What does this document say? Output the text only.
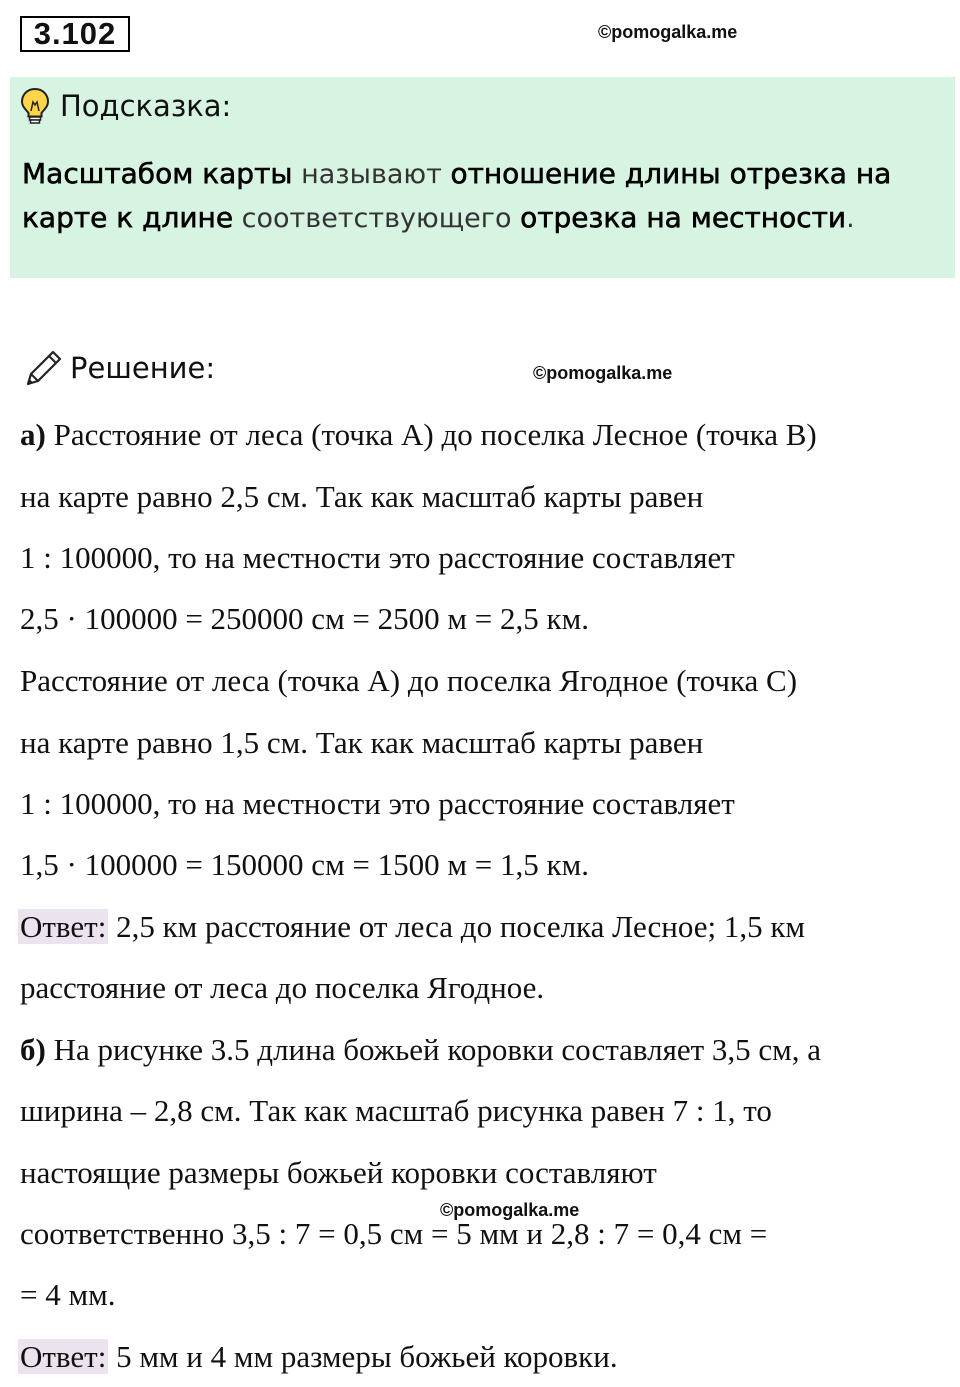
3.102	©pomogalka.me
Подсказка:
Масштабом карты называют отношение длины отрезка на
карте к длине соответствующего отрезка на местности.
Решение:	©pomogalka.me
а) Расстояние от леса (точка A) до поселка Лесное (точка B)
на карте равно 2,5 см. Так как масштаб карты равен
1 : 100000, то на местности это расстояние составляет
2,5 · 100000 = 250000 см = 2500 м = 2,5 км.
Расстояние от леса (точка A) до поселка Ягодное (точка C)
на карте равно 1,5 см. Так как масштаб карты равен
1 : 100000, то на местности это расстояние составляет
1,5 · 100000 = 150000 см = 1500 м = 1,5 км.
Ответ: 2,5 км расстояние от леса до поселка Лесное; 1,5 км
расстояние от леса до поселка Ягодное.
б) На рисунке 3.5 длина божьей коровки составляет 3,5 см, а
ширина – 2,8 см. Так как масштаб рисунка равен 7 : 1, то
настоящие размеры божьей коровки составляют
соответственно 3,5 : 7 = 0,5 см = 5 мм и 2,8 : 7 = 0,4 см =
©pomogalka.me
= 4 мм.
Ответ: 5 мм и 4 мм размеры божьей коровки.
